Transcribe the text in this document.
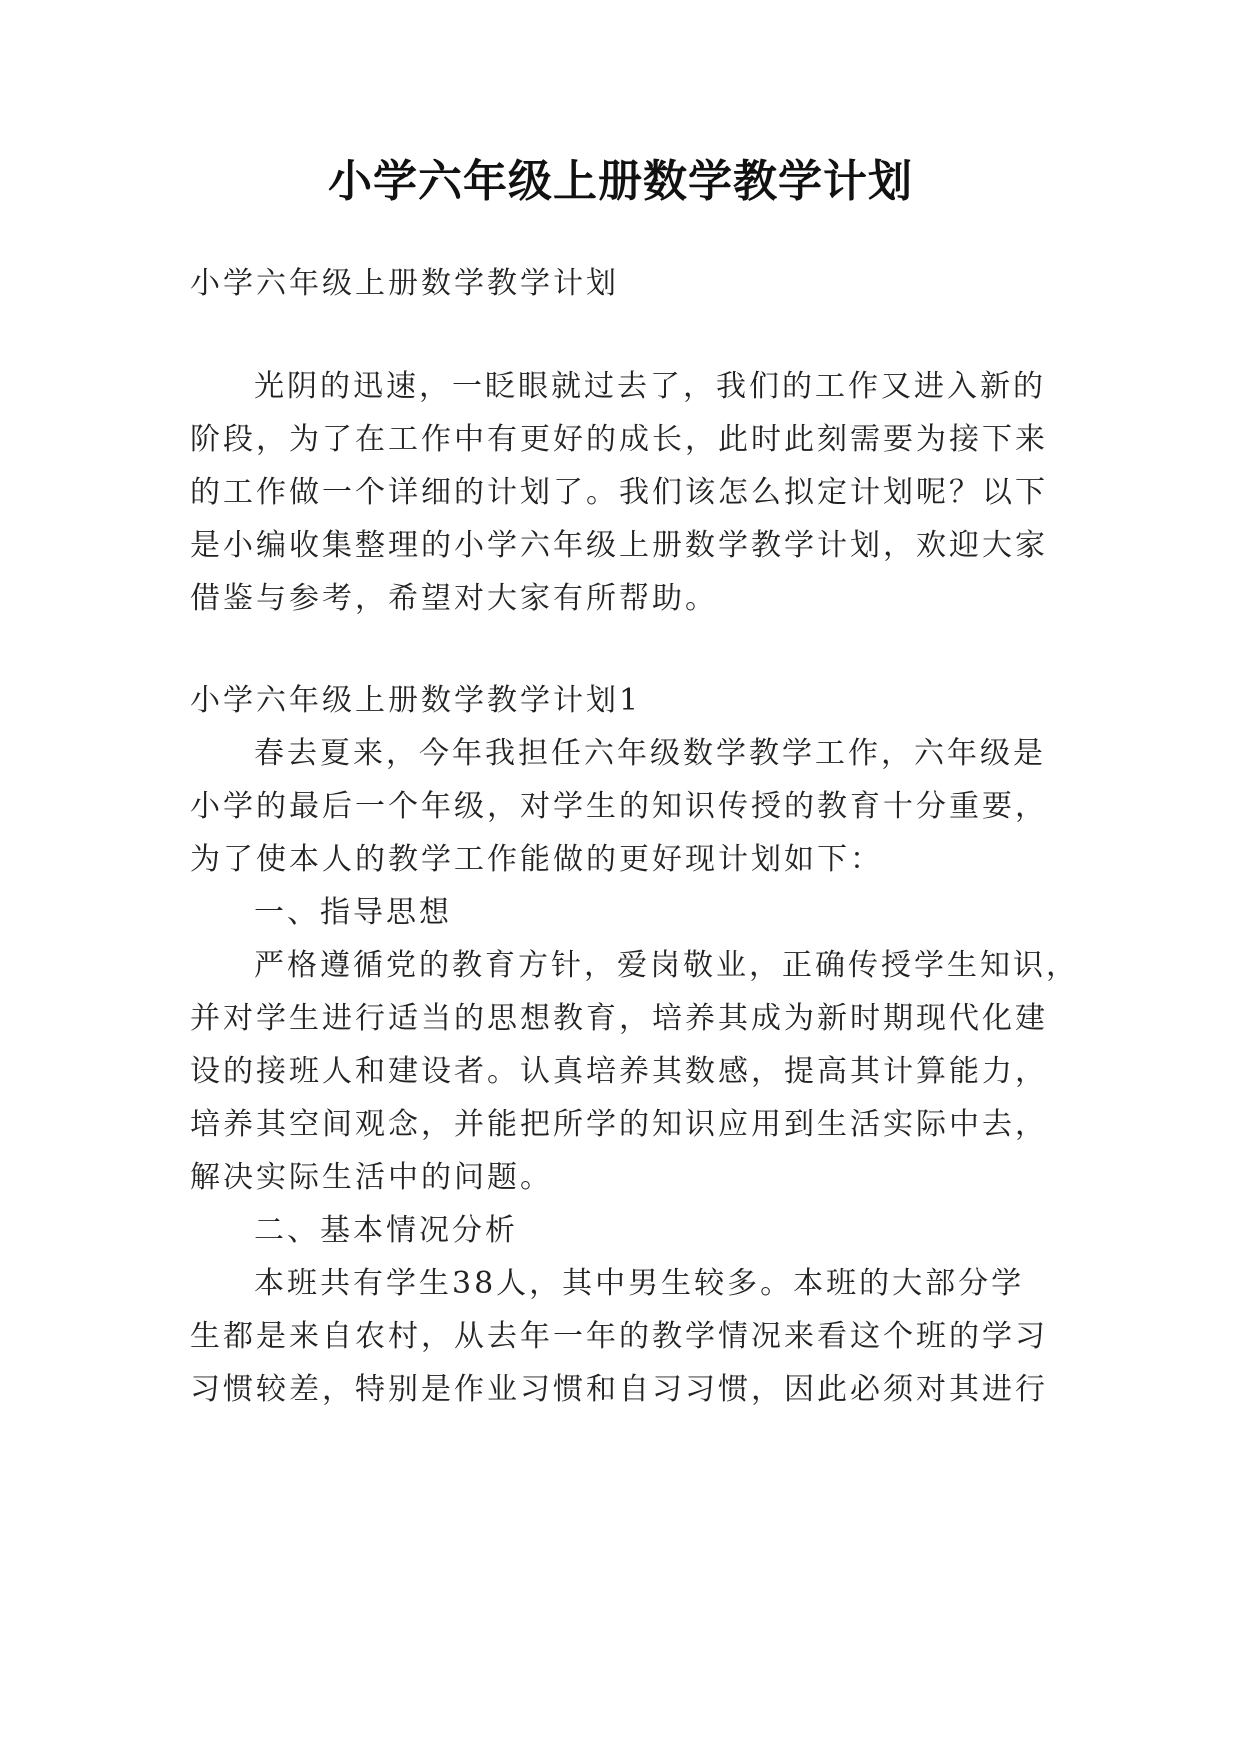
小学六年级上册数学教学计划

小学六年级上册数学教学计划

光阴的迅速，一眨眼就过去了，我们的工作又进入新的

阶段，为了在工作中有更好的成长，此时此刻需要为接下来

的工作做一个详细的计划了。我们该怎么拟定计划呢？以下

是小编收集整理的小学六年级上册数学教学计划，欢迎大家

借鉴与参考，希望对大家有所帮助。

小学六年级上册数学教学计划1

春去夏来，今年我担任六年级数学教学工作，六年级是

小学的最后一个年级，对学生的知识传授的教育十分重要，

为了使本人的教学工作能做的更好现计划如下：

一、指导思想

严格遵循党的教育方针，爱岗敬业，正确传授学生知识，

并对学生进行适当的思想教育，培养其成为新时期现代化建

设的接班人和建设者。认真培养其数感，提高其计算能力，

培养其空间观念，并能把所学的知识应用到生活实际中去，

解决实际生活中的问题。

二、基本情况分析

本班共有学生38人，其中男生较多。本班的大部分学

生都是来自农村，从去年一年的教学情况来看这个班的学习

习惯较差，特别是作业习惯和自习习惯，因此必须对其进行
